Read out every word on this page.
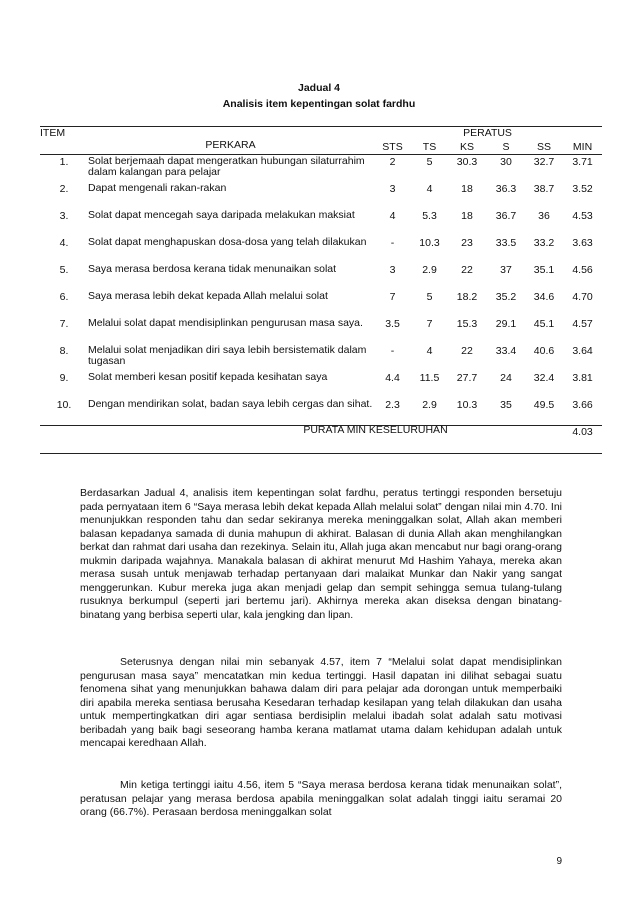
Jadual 4
Analisis item kepentingan solat fardhu
ITEM		PERATUS					
	PERKARA	STS	TS	KS	S	SS	MIN
1.	Solat berjemaah dapat mengeratkan hubungan silaturrahim dalam kalangan para pelajar	2	5	30.3	30	32.7	3.71
2.	Dapat mengenali rakan-rakan	3	4	18	36.3	38.7	3.52
3.	Solat dapat mencegah saya daripada melakukan maksiat	4	5.3	18	36.7	36	4.53
4.	Solat dapat menghapuskan dosa-dosa yang telah dilakukan	-	10.3	23	33.5	33.2	3.63
5.	Saya merasa berdosa kerana tidak menunaikan solat	3	2.9	22	37	35.1	4.56
6.	Saya merasa lebih dekat kepada Allah melalui solat	7	5	18.2	35.2	34.6	4.70
7.	Melalui solat dapat mendisiplinkan pengurusan masa saya.	3.5	7	15.3	29.1	45.1	4.57
8.	Melalui solat menjadikan diri saya lebih bersistematik dalam tugasan	-	4	22	33.4	40.6	3.64
9.	Solat memberi kesan positif kepada kesihatan saya	4.4	11.5	27.7	24	32.4	3.81
10.	Dengan mendirikan solat, badan saya lebih cergas dan sihat.	2.3	2.9	10.3	35	49.5	3.66
	PURATA MIN KESELURUHAN						4.03
Berdasarkan Jadual 4, analisis item kepentingan solat fardhu, peratus tertinggi responden bersetuju pada pernyataan item 6 “Saya merasa lebih dekat kepada Allah melalui solat” dengan nilai min 4.70. Ini menunjukkan responden tahu dan sedar sekiranya mereka meninggalkan solat, Allah akan memberi balasan kepadanya samada di dunia mahupun di akhirat. Balasan di dunia Allah akan menghilangkan berkat dan rahmat dari usaha dan rezekinya. Selain itu, Allah juga akan mencabut nur bagi orang-orang mukmin daripada wajahnya. Manakala balasan di akhirat menurut Md Hashim Yahaya, mereka akan merasa susah untuk menjawab terhadap pertanyaan dari malaikat Munkar dan Nakir yang sangat menggerunkan. Kubur mereka juga akan menjadi gelap dan sempit sehingga semua tulang-tulang rusuknya berkumpul (seperti jari bertemu jari). Akhirnya mereka akan diseksa dengan binatang-binatang yang berbisa seperti ular, kala jengking dan lipan.
Seterusnya dengan nilai min sebanyak 4.57, item 7 “Melalui solat dapat mendisiplinkan pengurusan masa saya” mencatatkan min kedua tertinggi. Hasil dapatan ini dilihat sebagai suatu fenomena sihat yang menunjukkan bahawa dalam diri para pelajar ada dorongan untuk memperbaiki diri apabila mereka sentiasa berusaha Kesedaran terhadap kesilapan yang telah dilakukan dan usaha untuk mempertingkatkan diri agar sentiasa berdisiplin melalui ibadah solat adalah satu motivasi beribadah yang baik bagi seseorang hamba kerana matlamat utama dalam kehidupan adalah untuk mencapai keredhaan Allah.
Min ketiga tertinggi iaitu 4.56, item 5 “Saya merasa berdosa kerana tidak menunaikan solat”, peratusan pelajar yang merasa berdosa apabila meninggalkan solat adalah tinggi iaitu seramai 20 orang (66.7%). Perasaan berdosa meninggalkan solat
9
